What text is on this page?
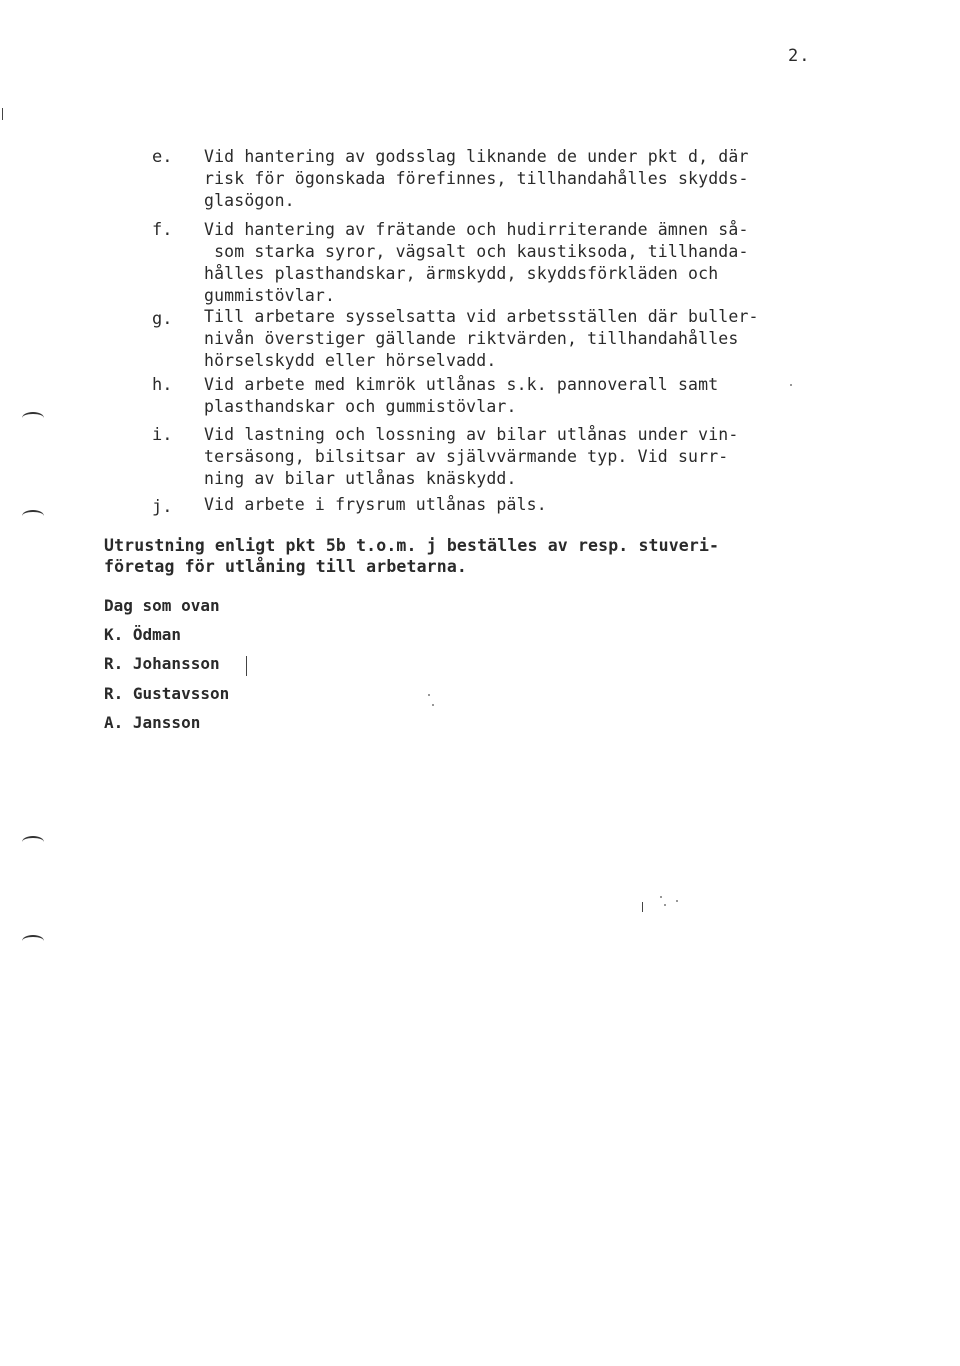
2.
e. Vid hantering av godsslag liknande de under pkt d, där
risk för ögonskada förefinnes, tillhandahålles skydds-
glasögon.
f. Vid hantering av frätande och hudirriterande ämnen så-
som starka syror, vägsalt och kaustiksoda, tillhanda-
hålles plasthandskar, ärmskydd, skyddsförkläden och
gummistövlar.
g. Till arbetare sysselsatta vid arbetsställen där buller-
nivån överstiger gällande riktvärden, tillhandahålles
hörselskydd eller hörselvadd.
h. Vid arbete med kimrök utlånas s.k. pannoverall samt
plasthandskar och gummistövlar.
i. Vid lastning och lossning av bilar utlånas under vin-
tersäsong, bilsitsar av självvärmande typ. Vid surr-
ning av bilar utlånas knäskydd.
j. Vid arbete i frysrum utlånas päls.
Utrustning enligt pkt 5b t.o.m. j beställes av resp. stuveri-
företag för utlåning till arbetarna.
Dag som ovan
K. Ödman
R. Johansson
R. Gustavsson
A. Jansson
